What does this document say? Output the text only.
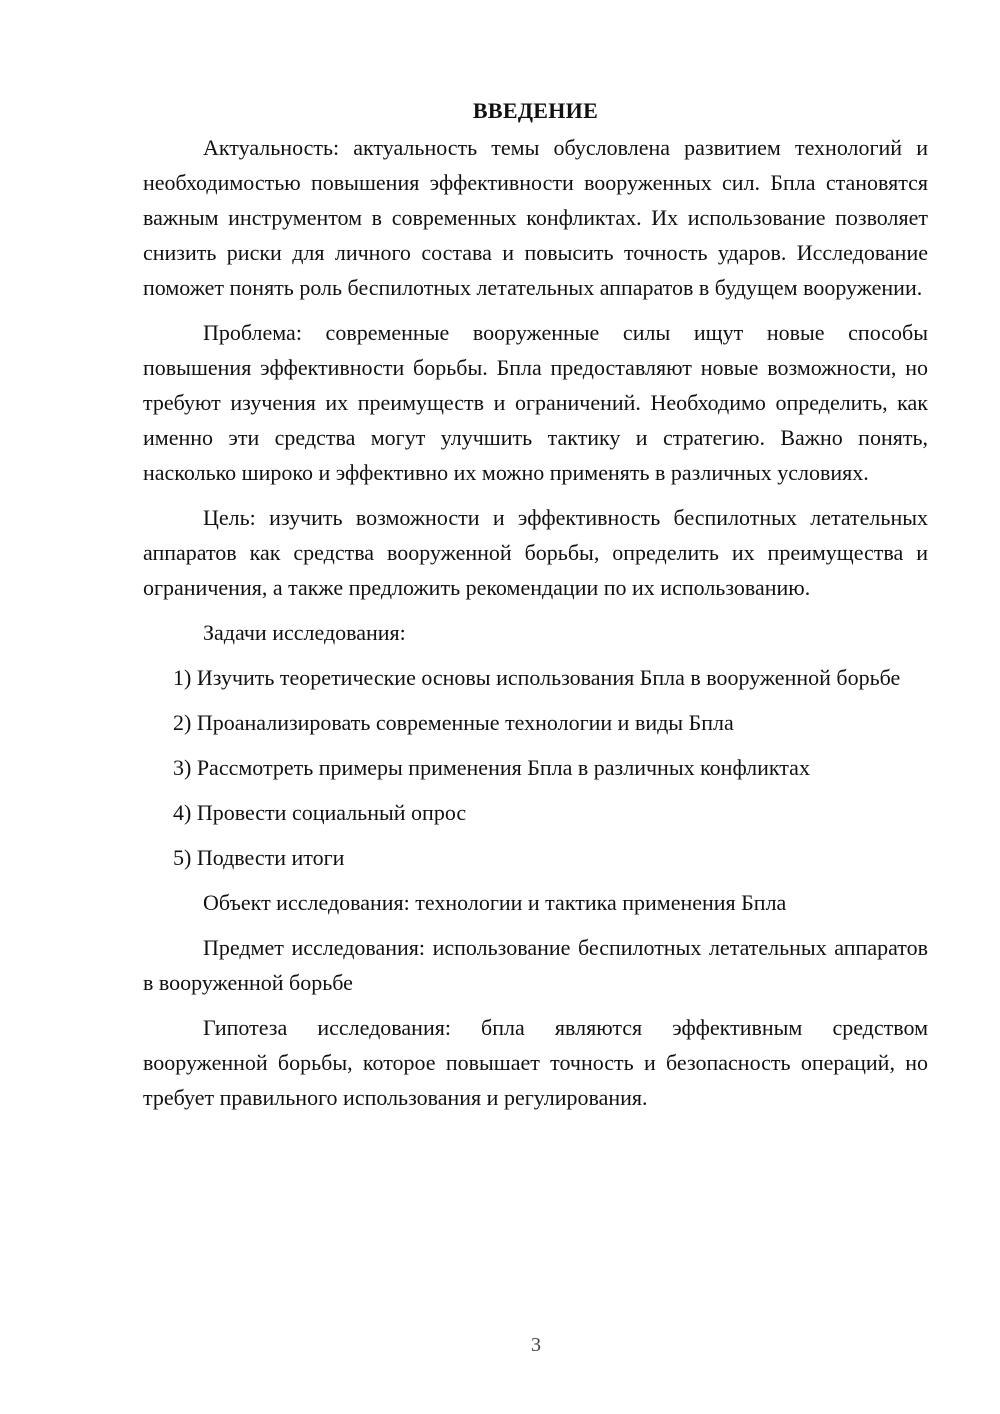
ВВЕДЕНИЕ

Актуальность: актуальность темы обусловлена развитием технологий и необходимостью повышения эффективности вооруженных сил. Бпла становятся важным инструментом в современных конфликтах. Их использование позволяет снизить риски для личного состава и повысить точность ударов. Исследование поможет понять роль беспилотных летательных аппаратов в будущем вооружении.

Проблема: современные вооруженные силы ищут новые способы повышения эффективности борьбы. Бпла предоставляют новые возможности, но требуют изучения их преимуществ и ограничений. Необходимо определить, как именно эти средства могут улучшить тактику и стратегию. Важно понять, насколько широко и эффективно их можно применять в различных условиях.

Цель: изучить возможности и эффективность беспилотных летательных аппаратов как средства вооруженной борьбы, определить их преимущества и ограничения, а также предложить рекомендации по их использованию.

Задачи исследования:

1) Изучить теоретические основы использования Бпла в вооруженной борьбе

2) Проанализировать современные технологии и виды Бпла

3) Рассмотреть примеры применения Бпла в различных конфликтах

4) Провести социальный опрос

5) Подвести итоги

Объект исследования: технологии и тактика применения Бпла

Предмет исследования: использование беспилотных летательных аппаратов в вооруженной борьбе

Гипотеза исследования: бпла являются эффективным средством вооруженной борьбы, которое повышает точность и безопасность операций, но требует правильного использования и регулирования.

3
